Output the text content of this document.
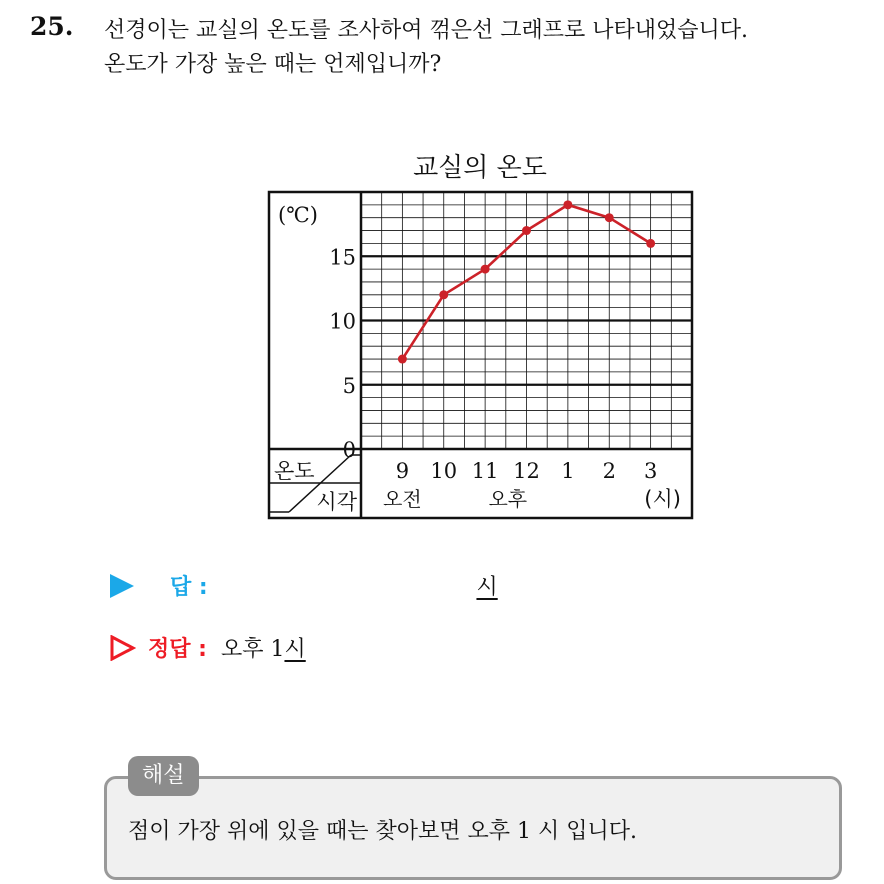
25. 선경이는 교실의 온도를 조사하여 꺾은선 그래프로 나타내었습니다.
온도가 가장 높은 때는 언제입니까?
교실의 온도
(℃)
0
5
10
15
9 10 11 12 1 2 3
온도
시각 오전	오후	(시)
답 :	시
정답 : 오후 1 시
해설
점이 가장 위에 있을 때는 찾아보면 오후 1 시 입니다.
